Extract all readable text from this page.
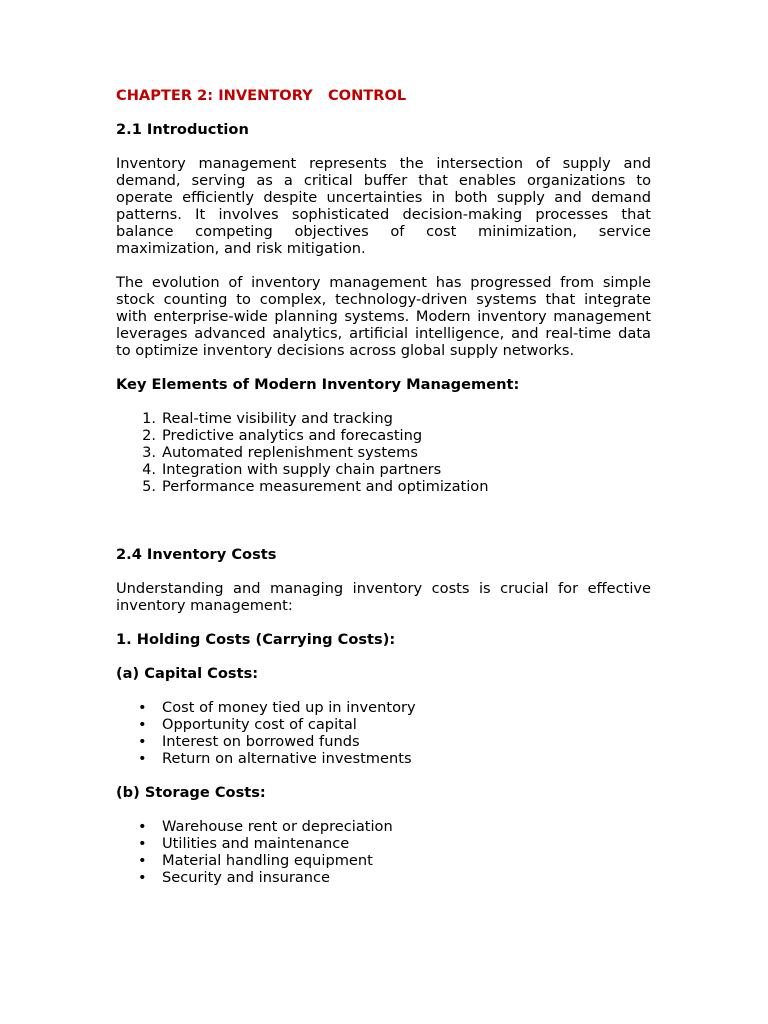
CHAPTER 2: INVENTORY   CONTROL

2.1 Introduction

Inventory management represents the intersection of supply and demand, serving as a critical buffer that enables organizations to operate efficiently despite uncertainties in both supply and demand patterns. It involves sophisticated decision-making processes that balance competing objectives of cost minimization, service maximization, and risk mitigation.

The evolution of inventory management has progressed from simple stock counting to complex, technology-driven systems that integrate with enterprise-wide planning systems. Modern inventory management leverages advanced analytics, artificial intelligence, and real-time data to optimize inventory decisions across global supply networks.

Key Elements of Modern Inventory Management:

1. Real-time visibility and tracking
2. Predictive analytics and forecasting
3. Automated replenishment systems
4. Integration with supply chain partners
5. Performance measurement and optimization

2.4 Inventory Costs

Understanding and managing inventory costs is crucial for effective inventory management:

1. Holding Costs (Carrying Costs):

(a) Capital Costs:

• Cost of money tied up in inventory
• Opportunity cost of capital
• Interest on borrowed funds
• Return on alternative investments

(b) Storage Costs:

• Warehouse rent or depreciation
• Utilities and maintenance
• Material handling equipment
• Security and insurance
